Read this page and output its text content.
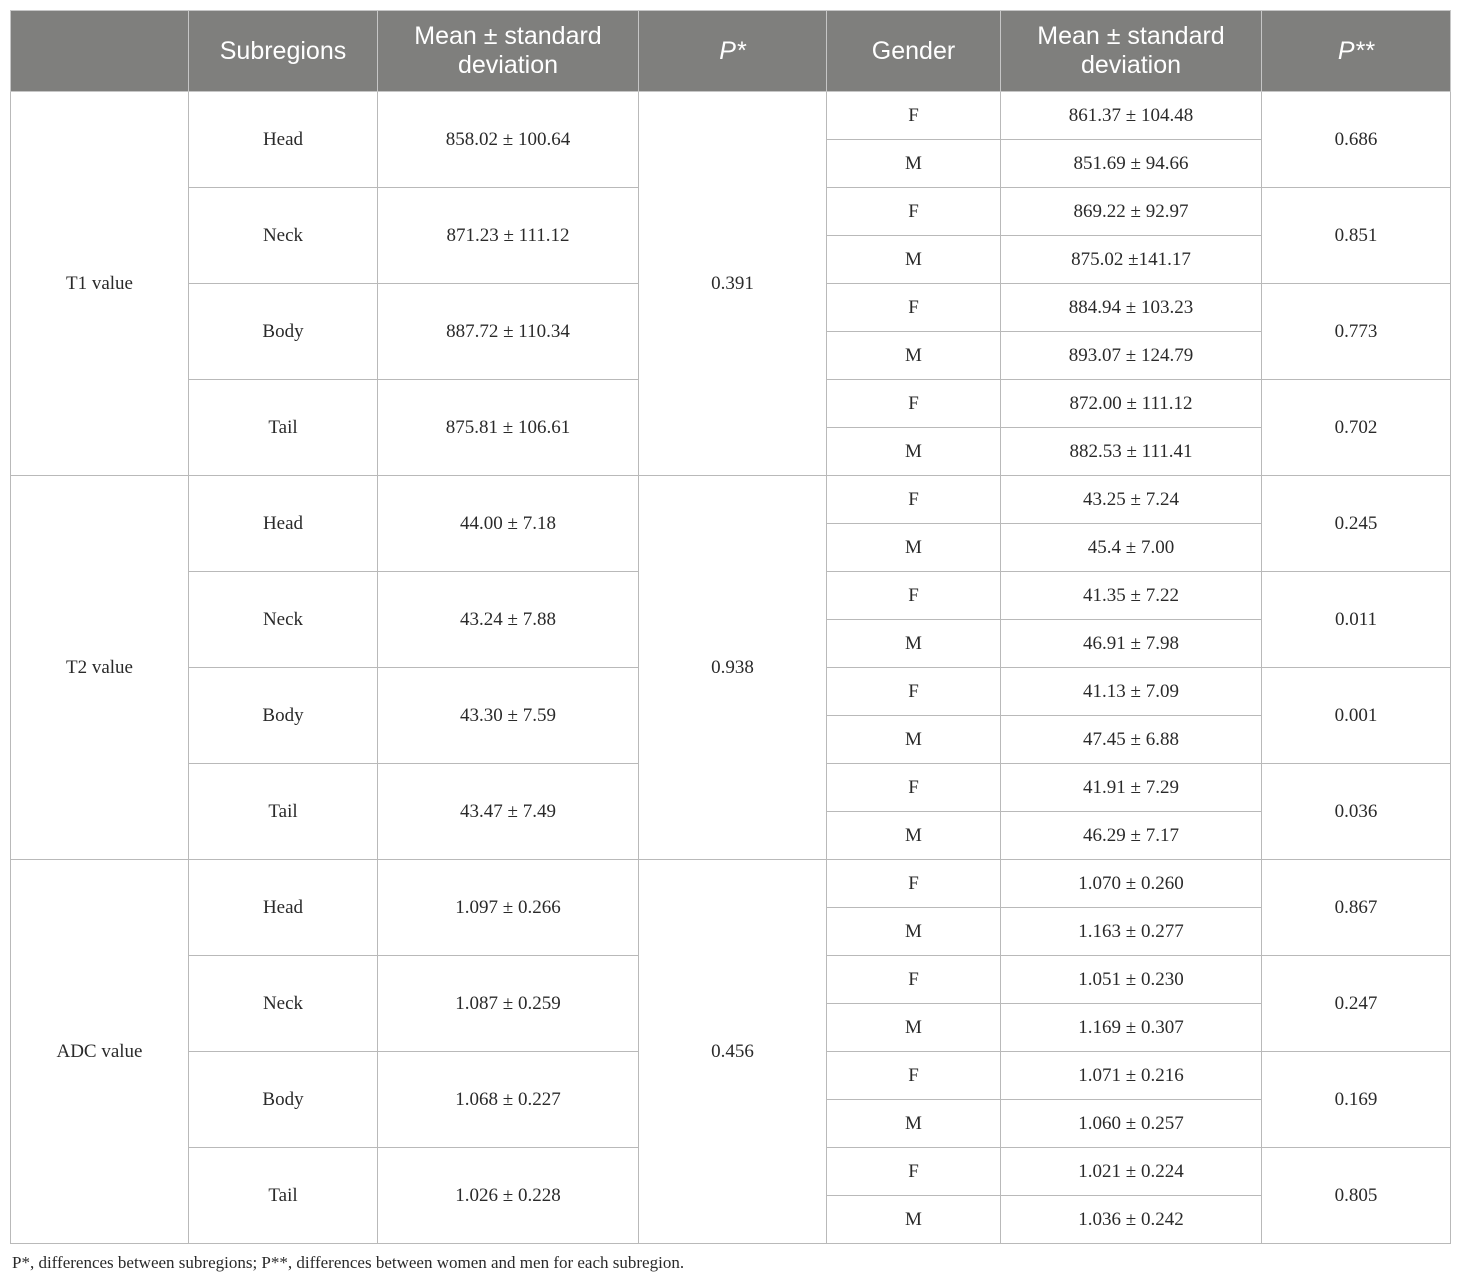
	Subregions	Mean ± standard deviation	P*	Gender	Mean ± standard deviation	P**
T1 value	Head	858.02 ± 100.64	0.391	F	861.37 ± 104.48	0.686
				M	851.69 ± 94.66	
	Neck	871.23 ± 111.12		F	869.22 ± 92.97	0.851
				M	875.02 ±141.17	
	Body	887.72 ± 110.34		F	884.94 ± 103.23	0.773
				M	893.07 ± 124.79	
	Tail	875.81 ± 106.61		F	872.00 ± 111.12	0.702
				M	882.53 ± 111.41	
T2 value	Head	44.00 ± 7.18	0.938	F	43.25 ± 7.24	0.245
				M	45.4 ± 7.00	
	Neck	43.24 ± 7.88		F	41.35 ± 7.22	0.011
				M	46.91 ± 7.98	
	Body	43.30 ± 7.59		F	41.13 ± 7.09	0.001
				M	47.45 ± 6.88	
	Tail	43.47 ± 7.49		F	41.91 ± 7.29	0.036
				M	46.29 ± 7.17	
ADC value	Head	1.097 ± 0.266	0.456	F	1.070 ± 0.260	0.867
				M	1.163 ± 0.277	
	Neck	1.087 ± 0.259		F	1.051 ± 0.230	0.247
				M	1.169 ± 0.307	
	Body	1.068 ± 0.227		F	1.071 ± 0.216	0.169
				M	1.060 ± 0.257	
	Tail	1.026 ± 0.228		F	1.021 ± 0.224	0.805
				M	1.036 ± 0.242	
P*, differences between subregions; P**, differences between women and men for each subregion.
